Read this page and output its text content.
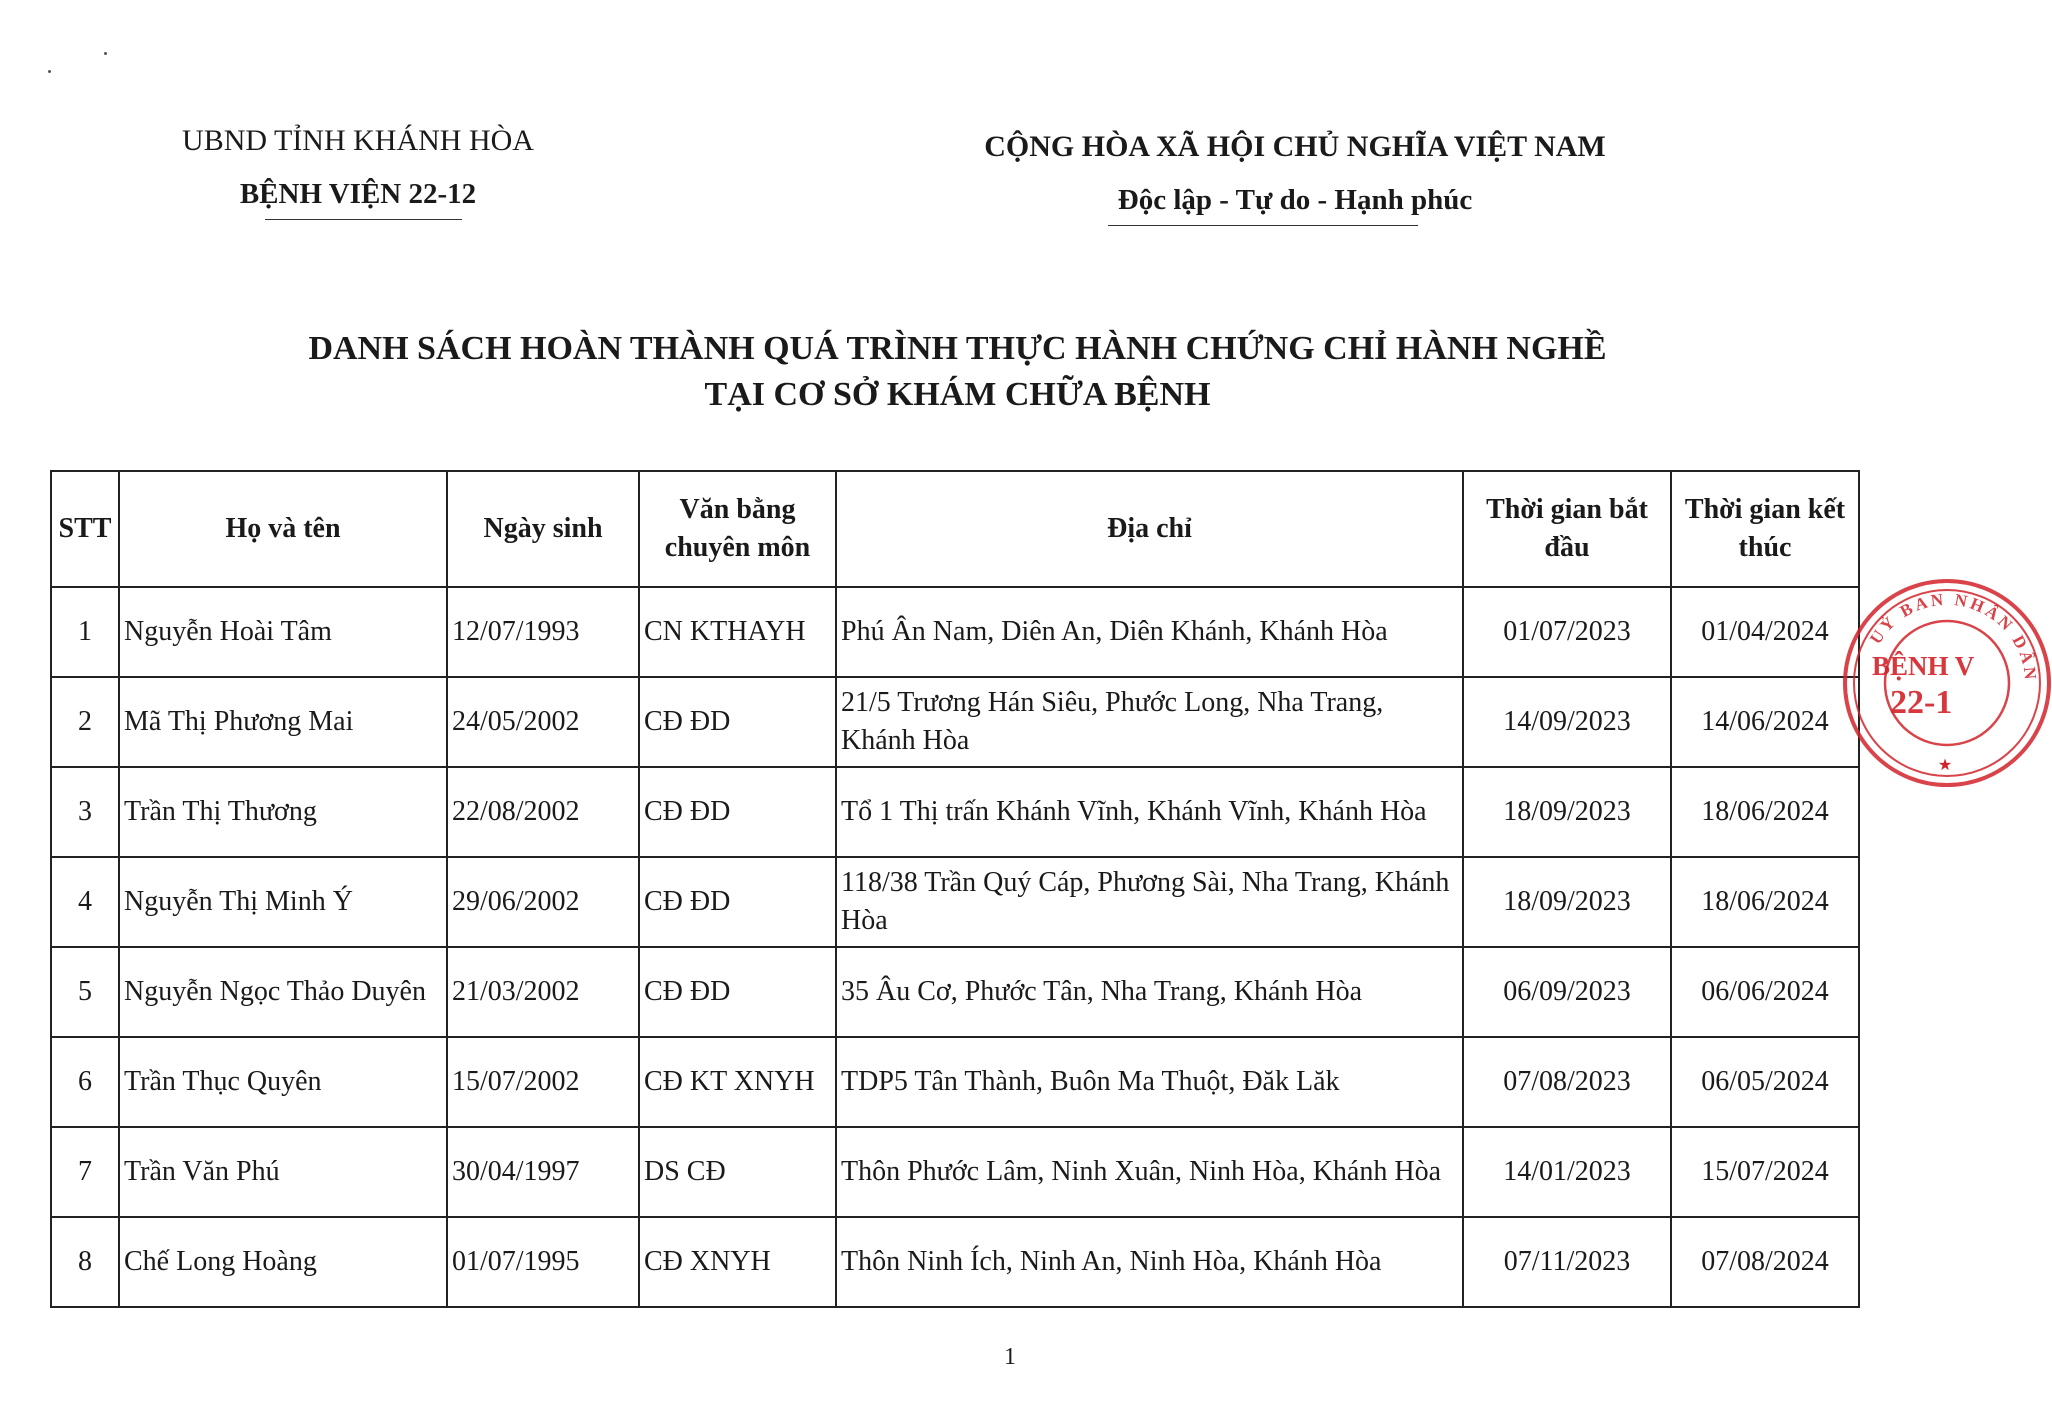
UBND TỈNH KHÁNH HÒA
BỆNH VIỆN 22-12
CỘNG HÒA XÃ HỘI CHỦ NGHĨA VIỆT NAM
Độc lập - Tự do - Hạnh phúc
DANH SÁCH HOÀN THÀNH QUÁ TRÌNH THỰC HÀNH CHỨNG CHỈ HÀNH NGHỀ
TẠI CƠ SỞ KHÁM CHỮA BỆNH
STT	Họ và tên	Ngày sinh	Văn bằng chuyên môn	Địa chỉ	Thời gian bắt đầu	Thời gian kết thúc
1	Nguyễn Hoài Tâm	12/07/1993	CN KTHAYH	Phú Ân Nam, Diên An, Diên Khánh, Khánh Hòa	01/07/2023	01/04/2024
2	Mã Thị Phương Mai	24/05/2002	CĐ ĐD	21/5 Trương Hán Siêu, Phước Long, Nha Trang, Khánh Hòa	14/09/2023	14/06/2024
3	Trần Thị Thương	22/08/2002	CĐ ĐD	Tổ 1 Thị trấn Khánh Vĩnh, Khánh Vĩnh, Khánh Hòa	18/09/2023	18/06/2024
4	Nguyễn Thị Minh Ý	29/06/2002	CĐ ĐD	118/38 Trần Quý Cáp, Phương Sài, Nha Trang, Khánh Hòa	18/09/2023	18/06/2024
5	Nguyễn Ngọc Thảo Duyên	21/03/2002	CĐ ĐD	35 Âu Cơ, Phước Tân, Nha Trang, Khánh Hòa	06/09/2023	06/06/2024
6	Trần Thục Quyên	15/07/2002	CĐ KT XNYH	TDP5 Tân Thành, Buôn Ma Thuột, Đăk Lăk	07/08/2023	06/05/2024
7	Trần Văn Phú	30/04/1997	DS CĐ	Thôn Phước Lâm, Ninh Xuân, Ninh Hòa, Khánh Hòa	14/01/2023	15/07/2024
8	Chế Long Hoàng	01/07/1995	CĐ XNYH	Thôn Ninh Ích, Ninh An, Ninh Hòa, Khánh Hòa	07/11/2023	07/08/2024
UỶ BAN NHÂN DÂN
BỆNH V
22-1
★
1
